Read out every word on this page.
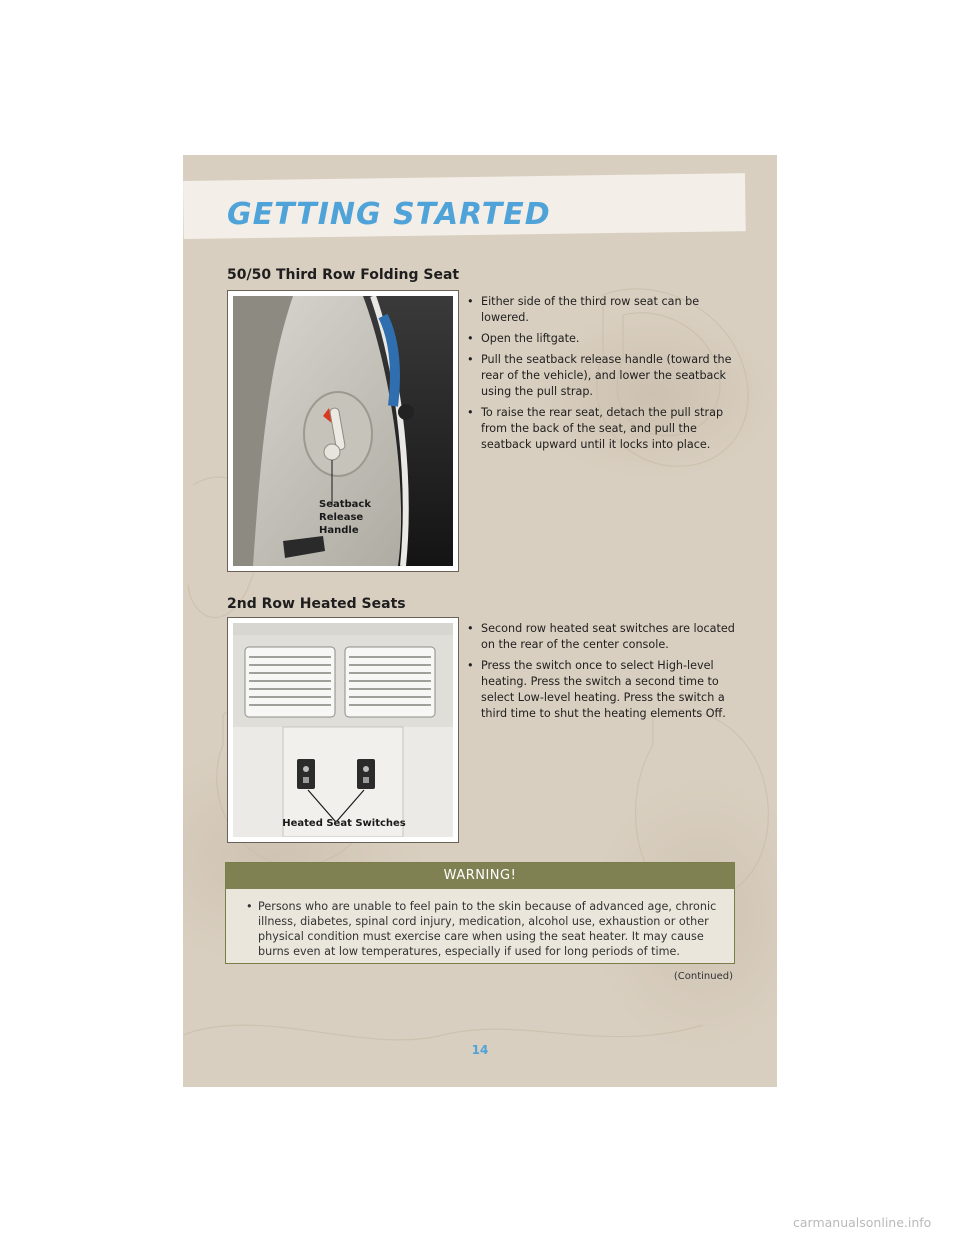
GETTING STARTED
50/50 Third Row Folding Seat
Seatback
Release
Handle
• Either side of the third row seat can be lowered.
• Open the liftgate.
• Pull the seatback release handle (toward the rear of the vehicle), and lower the seatback using the pull strap.
• To raise the rear seat, detach the pull strap from the back of the seat, and pull the seatback upward until it locks into place.
2nd Row Heated Seats
Heated Seat Switches
• Second row heated seat switches are located on the rear of the center console.
• Press the switch once to select High-level heating. Press the switch a second time to select Low-level heating. Press the switch a third time to shut the heating elements Off.
WARNING!
• Persons who are unable to feel pain to the skin because of advanced age, chronic illness, diabetes, spinal cord injury, medication, alcohol use, exhaustion or other physical condition must exercise care when using the seat heater. It may cause burns even at low temperatures, especially if used for long periods of time.
(Continued)
14
carmanualsonline.info
